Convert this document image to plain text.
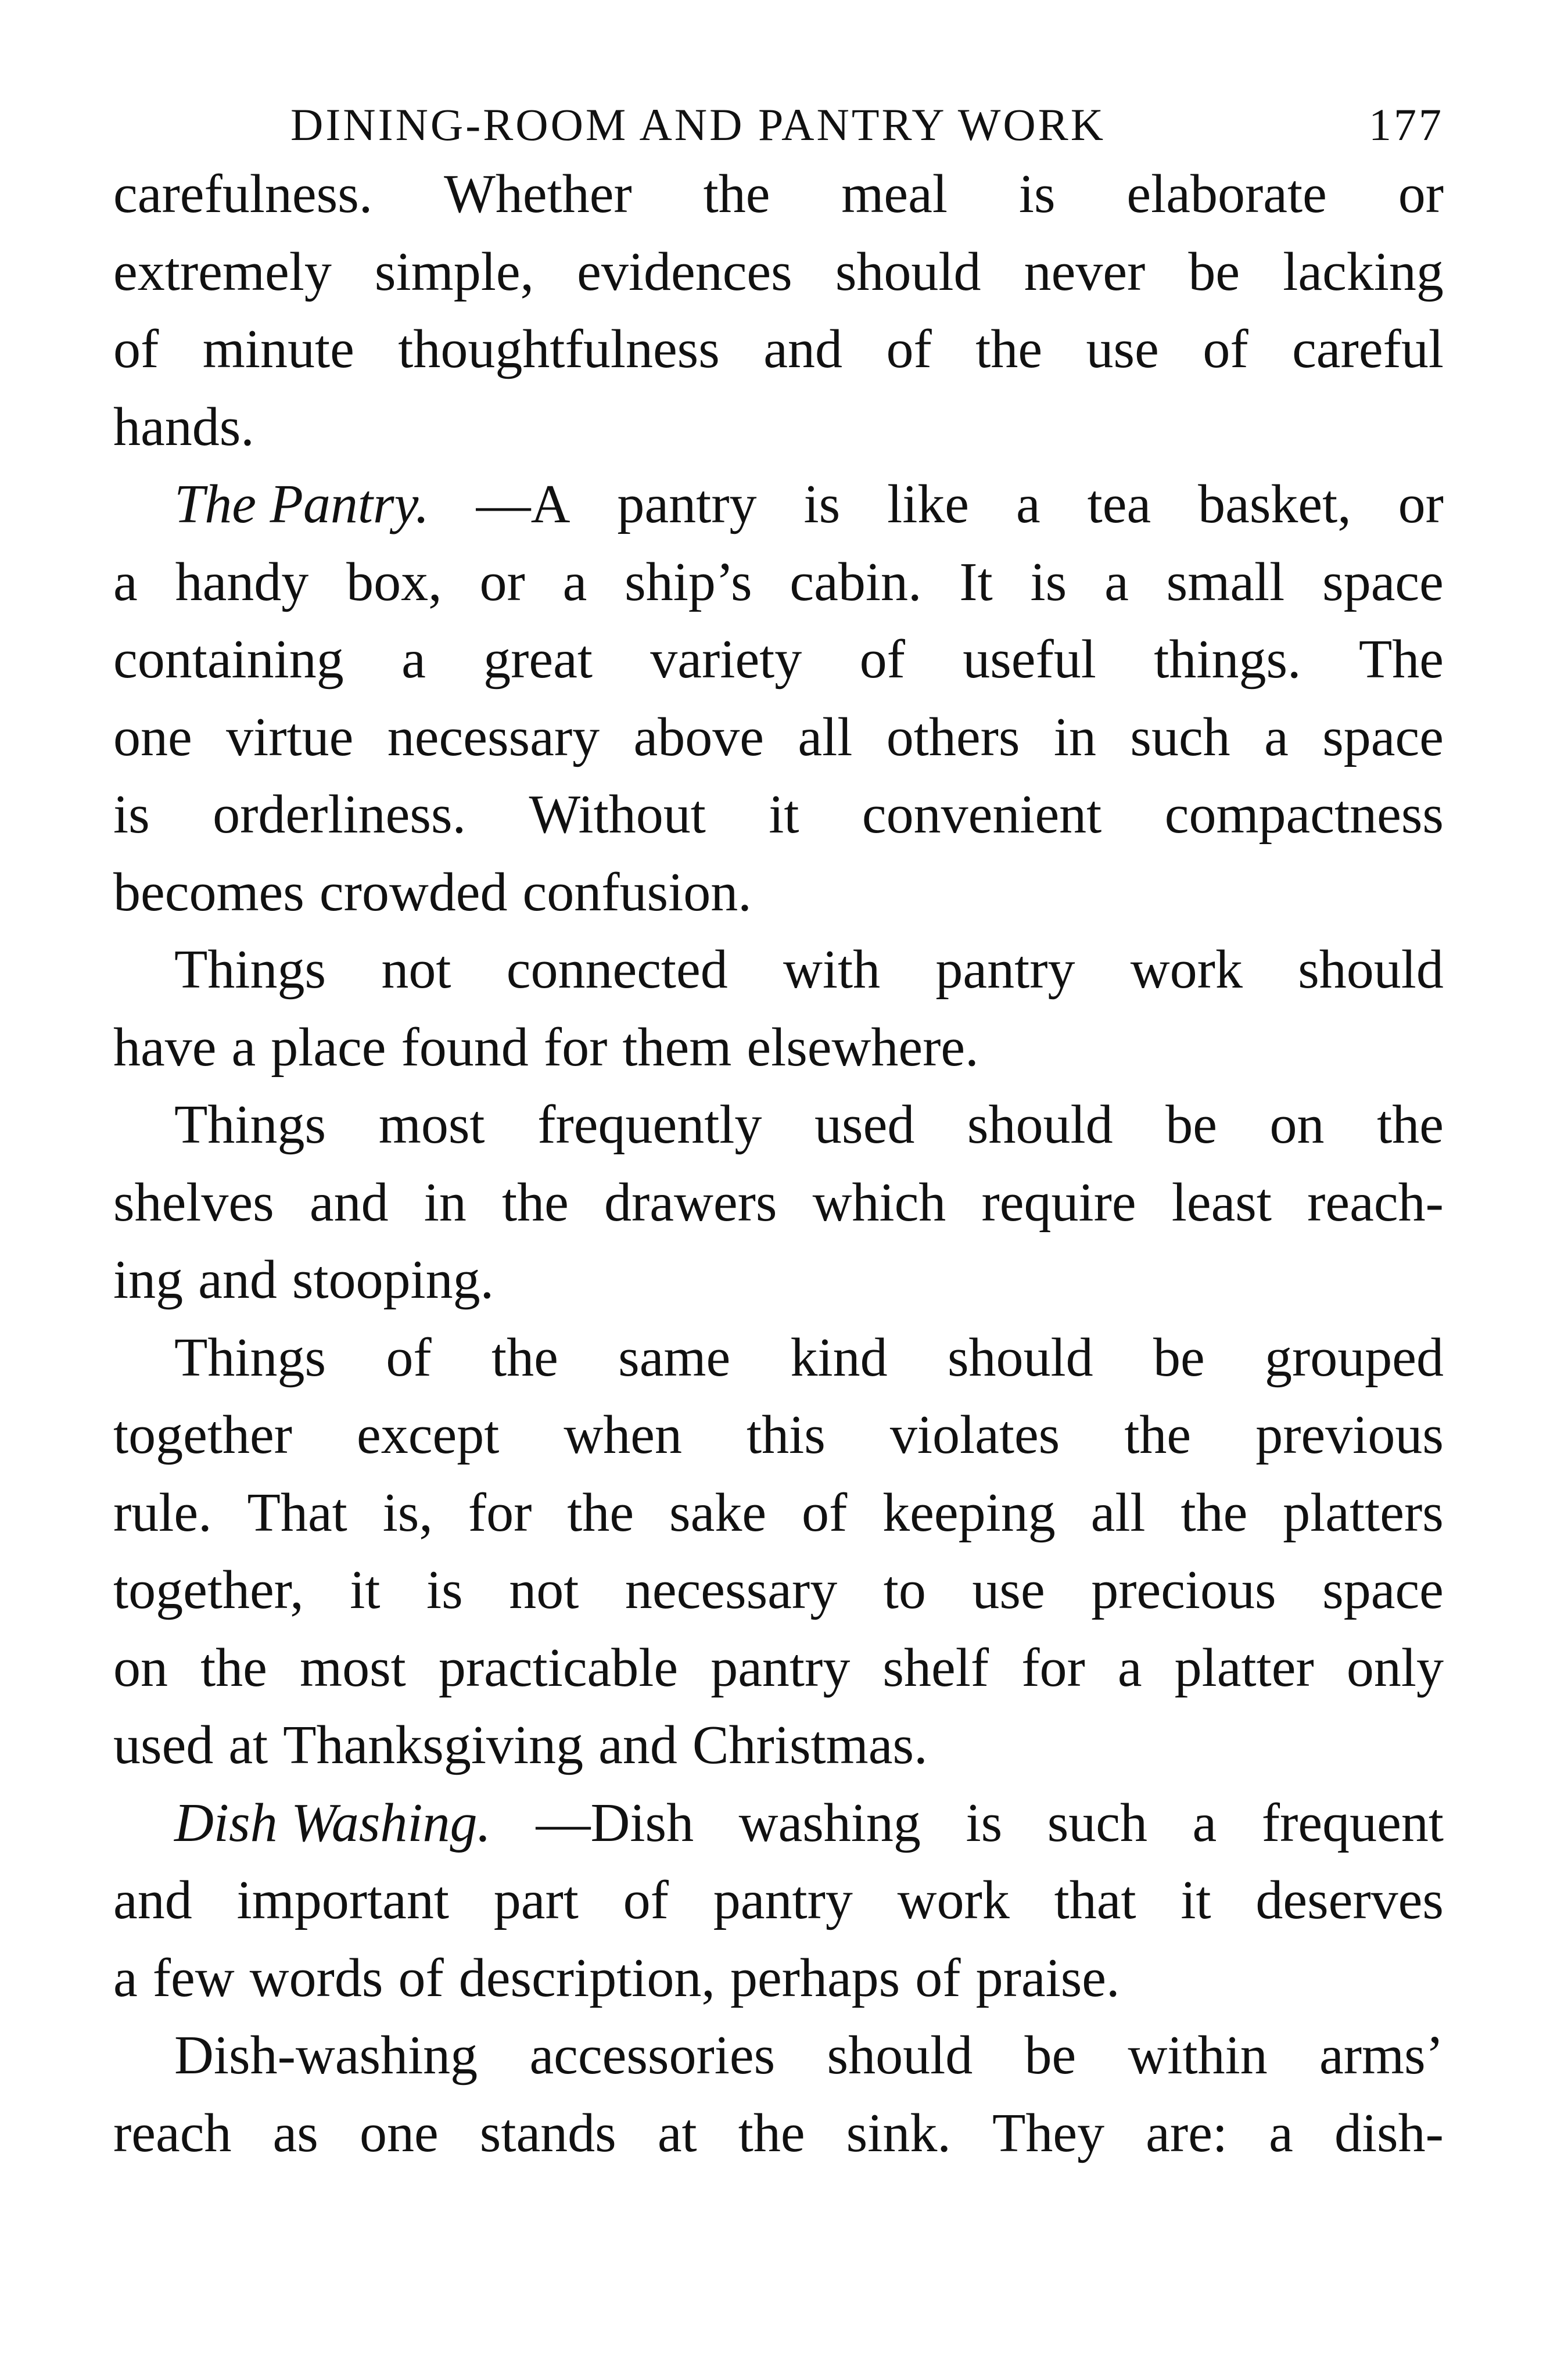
DINING-ROOM AND PANTRY WORK	177
carefulness. Whether the meal is elaborate or
extremely simple, evidences should never be lacking
of minute thoughtfulness and of the use of careful
hands.
The Pantry. —A pantry is like a tea basket, or
a handy box, or a ship’s cabin. It is a small space
containing a great variety of useful things. The
one virtue necessary above all others in such a space
is orderliness. Without it convenient compactness
becomes crowded confusion.
Things not connected with pantry work should
have a place found for them elsewhere.
Things most frequently used should be on the
shelves and in the drawers which require least reach-
ing and stooping.
Things of the same kind should be grouped
together except when this violates the previous
rule. That is, for the sake of keeping all the platters
together, it is not necessary to use precious space
on the most practicable pantry shelf for a platter only
used at Thanksgiving and Christmas.
Dish Washing. —Dish washing is such a frequent
and important part of pantry work that it deserves
a few words of description, perhaps of praise.
Dish-washing accessories should be within arms’
reach as one stands at the sink. They are: a dish-
